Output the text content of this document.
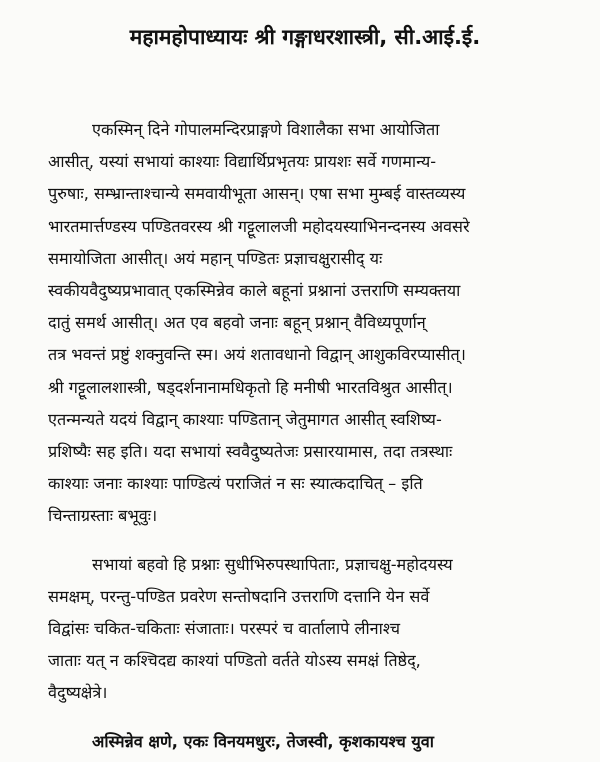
महामहोपाध्यायः श्री गङ्गाधरशास्त्री, सी.आई.ई.

एकस्मिन् दिने गोपालमन्दिरप्राङ्गणे विशालैका सभा आयोजिता
आसीत्, यस्यां सभायां काश्याः विद्यार्थिप्रभृतयः प्रायशः सर्वे गणमान्य-
पुरुषाः, सम्भ्रान्ताश्चान्ये समवायीभूता आसन्। एषा सभा मुम्बई वास्तव्यस्य
भारतमार्त्तण्डस्य पण्डितवरस्य श्री गट्टूलालजी महोदयस्याभिनन्दनस्य अवसरे
समायोजिता आसीत्। अयं महान् पण्डितः प्रज्ञाचक्षुरासीद् यः
स्वकीयवैदुष्यप्रभावात् एकस्मिन्नेव काले बहूनां प्रश्नानां उत्तराणि सम्यक्तया
दातुं समर्थ आसीत्। अत एव बहवो जनाः बहून् प्रश्नान् वैविध्यपूर्णान्
तत्र भवन्तं प्रष्टुं शक्नुवन्ति स्म। अयं शतावधानो विद्वान् आशुकविरप्यासीत्।
श्री गट्टूलालशास्त्री, षड्दर्शनानामधिकृतो हि मनीषी भारतविश्रुत आसीत्।
एतन्मन्यते यदयं विद्वान् काश्याः पण्डितान् जेतुमागत आसीत् स्वशिष्य-
प्रशिष्यैः सह इति। यदा सभायां स्ववैदुष्यतेजः प्रसारयामास, तदा तत्रस्थाः
काश्याः जनाः काश्याः पाण्डित्यं पराजितं न सः स्यात्कदाचित् – इति
चिन्ताग्रस्ताः बभूवुः।

सभायां बहवो हि प्रश्नाः सुधीभिरुपस्थापिताः, प्रज्ञाचक्षु-महोदयस्य
समक्षम्, परन्तु-पण्डित प्रवरेण सन्तोषदानि उत्तराणि दत्तानि येन सर्वे
विद्वांसः चकित-चकिताः संजाताः। परस्परं च वार्तालापे लीनाश्च
जाताः यत् न कश्चिदद्य काश्यां पण्डितो वर्तते योऽस्य समक्षं तिष्ठेद्,
वैदुष्यक्षेत्रे।

अस्मिन्नेव क्षणे, एकः विनयमधुरः, तेजस्वी, कृशकायश्च युवा
